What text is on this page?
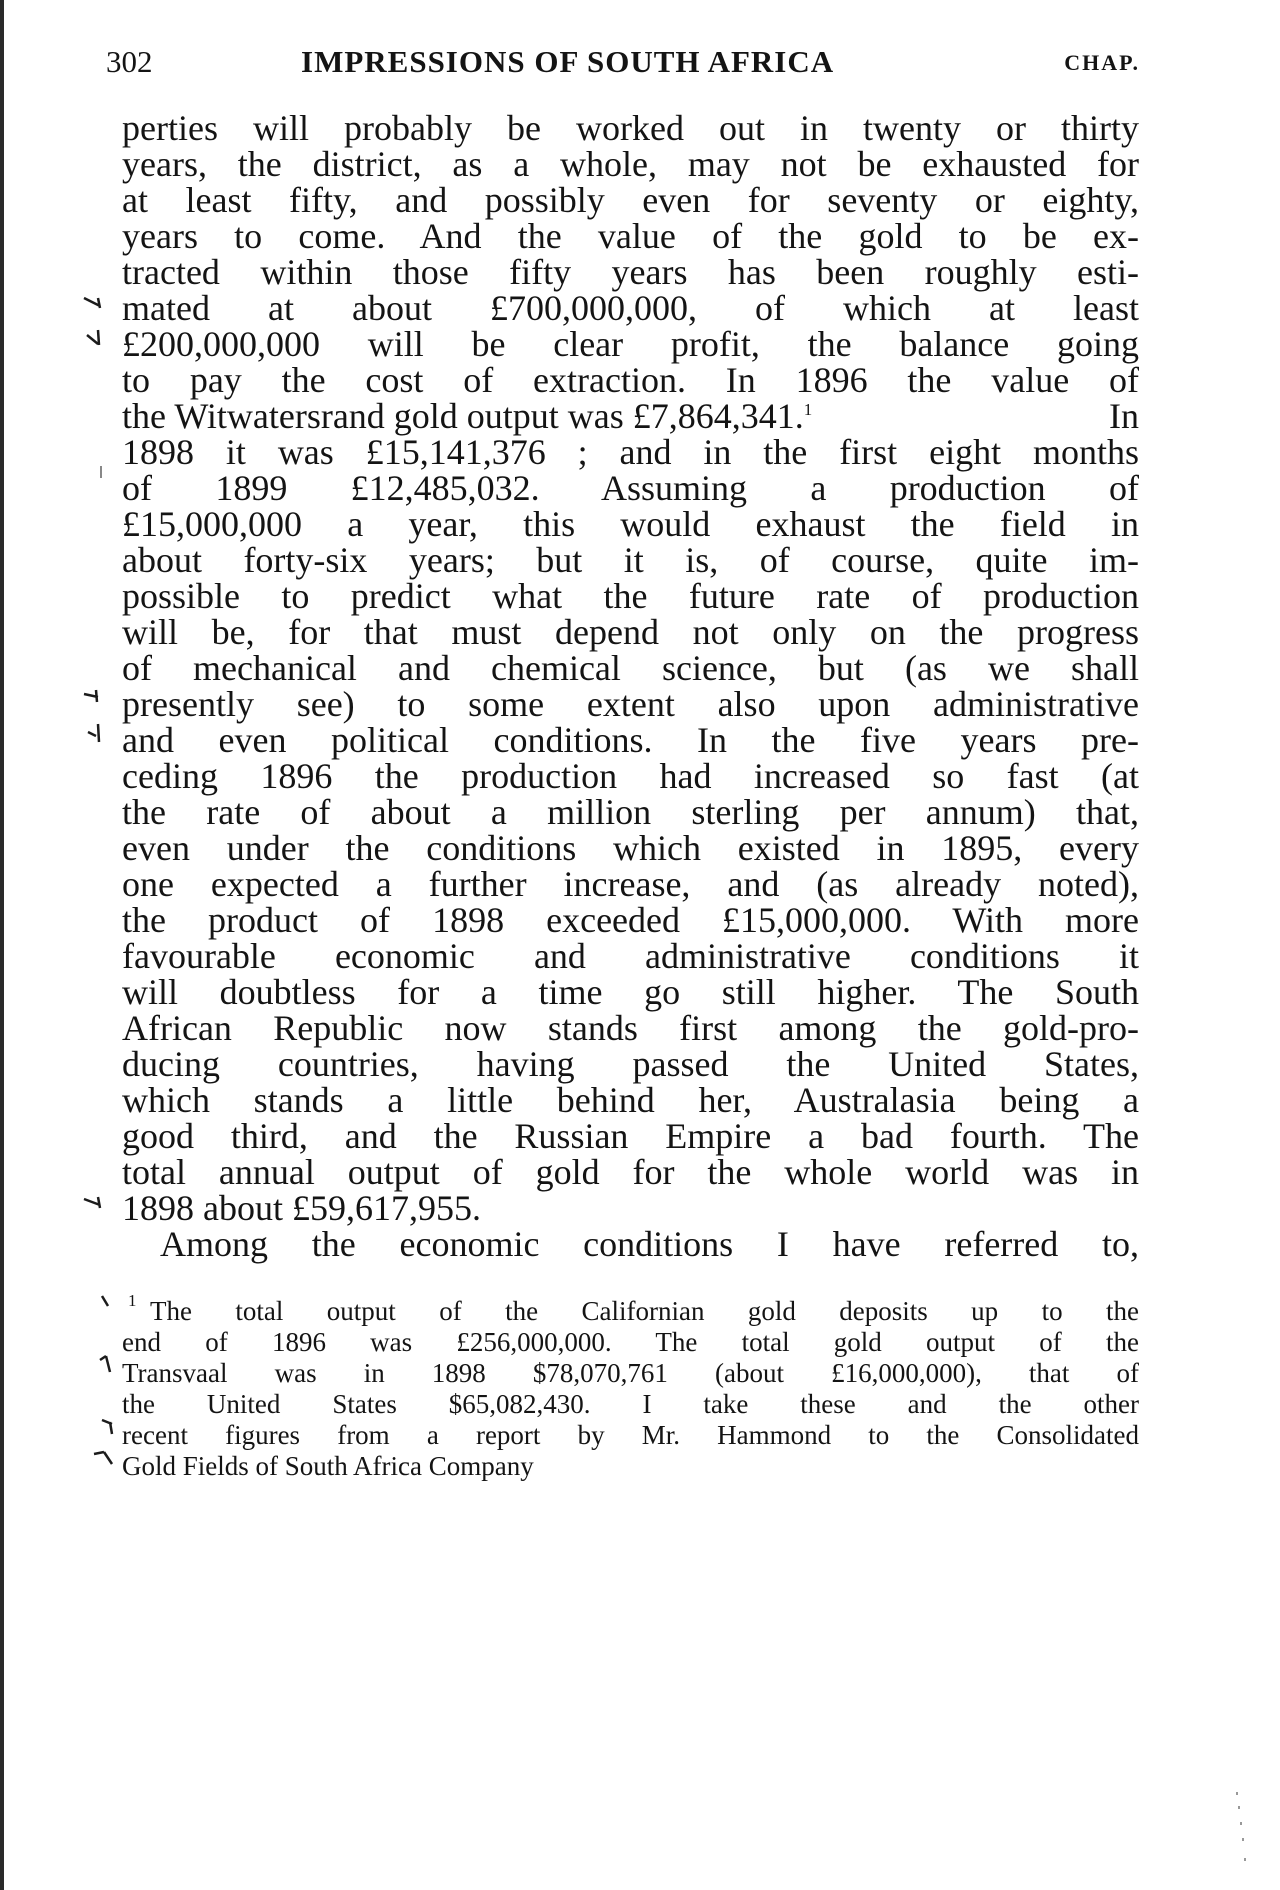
302	IMPRESSIONS OF SOUTH AFRICA	CHAP.
perties will probably be worked out in twenty or thirty
years, the district, as a whole, may not be exhausted for
at least fifty, and possibly even for seventy or eighty,
years to come. And the value of the gold to be ex-
tracted within those fifty years has been roughly esti-
mated at about £700,000,000, of which at least
£200,000,000 will be clear profit, the balance going
to pay the cost of extraction. In 1896 the value of
the Witwatersrand gold output was £7,864,341.$^1$	In
1898 it was £15,141,376 ; and in the first eight months
of 1899 £12,485,032. Assuming a production of
£15,000,000 a year, this would exhaust the field in
about forty-six years; but it is, of course, quite im-
possible to predict what the future rate of production
will be, for that must depend not only on the progress
of mechanical and chemical science, but (as we shall
presently see) to some extent also upon administrative
and even political conditions. In the five years pre-
ceding 1896 the production had increased so fast (at
the rate of about a million sterling per annum) that,
even under the conditions which existed in 1895, every
one expected a further increase, and (as already noted),
the product of 1898 exceeded £15,000,000. With more
favourable economic and administrative conditions it
will doubtless for a time go still higher. The South
African Republic now stands first among the gold-pro-
ducing countries, having passed the United States,
which stands a little behind her, Australasia being a
good third, and the Russian Empire a bad fourth. The
total annual output of gold for the whole world was in
1898 about £59,617,955.
Among the economic conditions I have referred to,
1 The total output of the Californian gold deposits up to the
end of 1896 was £256,000,000. The total gold output of the
Transvaal was in 1898 $78,070,761 (about £16,000,000), that of
the United States $65,082,430. I take these and the other
recent figures from a report by Mr. Hammond to the Consolidated
Gold Fields of South Africa Company
